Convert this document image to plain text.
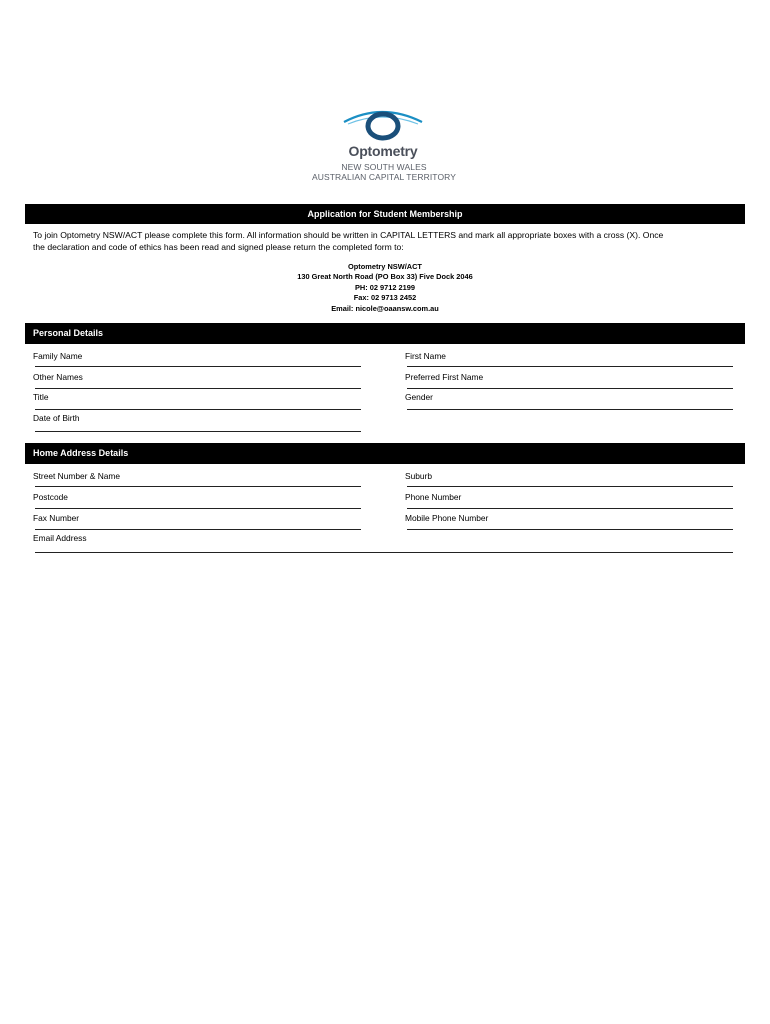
Optometry
NEW SOUTH WALES
AUSTRALIAN CAPITAL TERRITORY
Application for Student Membership
To join Optometry NSW/ACT please complete this form. All information should be written in CAPITAL LETTERS and mark all appropriate boxes with a cross (X). Once
the declaration and code of ethics has been read and signed please return the completed form to:
Optometry NSW/ACT
130 Great North Road (PO Box 33) Five Dock 2046
PH: 02 9712 2199
Fax: 02 9713 2452
Email: nicole@oaansw.com.au
Personal Details
Family Name	First Name
Other Names	Preferred First Name
Title	Gender
Date of Birth
Home Address Details
Street Number & Name	Suburb
Postcode	Phone Number
Fax Number	Mobile Phone Number
Email Address
